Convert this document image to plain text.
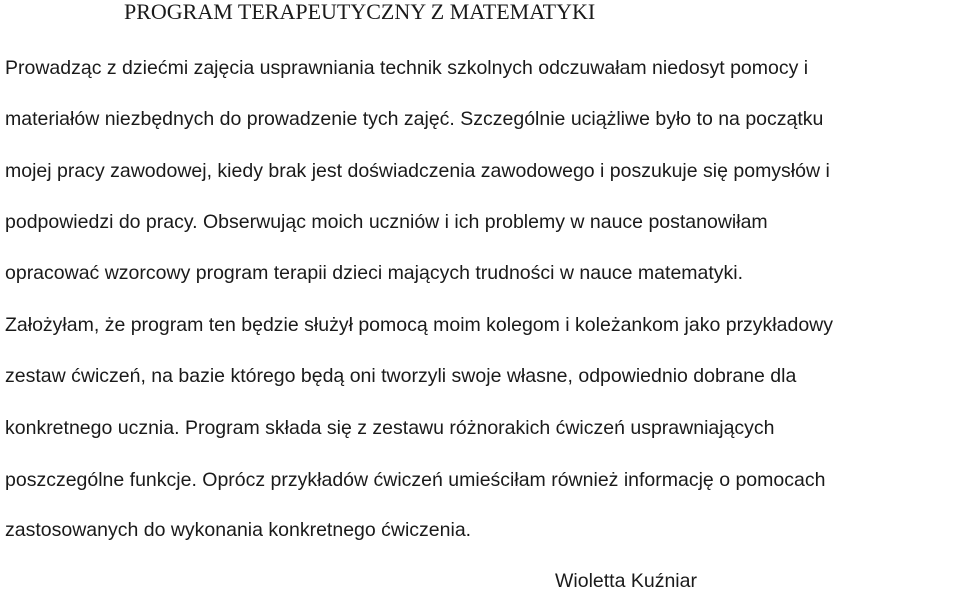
PROGRAM TERAPEUTYCZNY Z MATEMATYKI
Prowadząc z dziećmi zajęcia usprawniania technik szkolnych odczuwałam niedosyt pomocy i
materiałów niezbędnych do prowadzenie tych zajęć. Szczególnie uciążliwe było to na początku
mojej pracy zawodowej, kiedy brak jest doświadczenia zawodowego i poszukuje się pomysłów i
podpowiedzi do pracy. Obserwując moich uczniów i ich problemy w nauce postanowiłam
opracować wzorcowy program terapii dzieci mających trudności w nauce matematyki.
Założyłam, że program ten będzie służył pomocą moim kolegom i koleżankom jako przykładowy
zestaw ćwiczeń, na bazie którego będą oni tworzyli swoje własne, odpowiednio dobrane dla
konkretnego ucznia. Program składa się z zestawu różnorakich ćwiczeń usprawniających
poszczególne funkcje. Oprócz przykładów ćwiczeń umieściłam również informację o pomocach
zastosowanych do wykonania konkretnego ćwiczenia.
Wioletta Kuźniar
